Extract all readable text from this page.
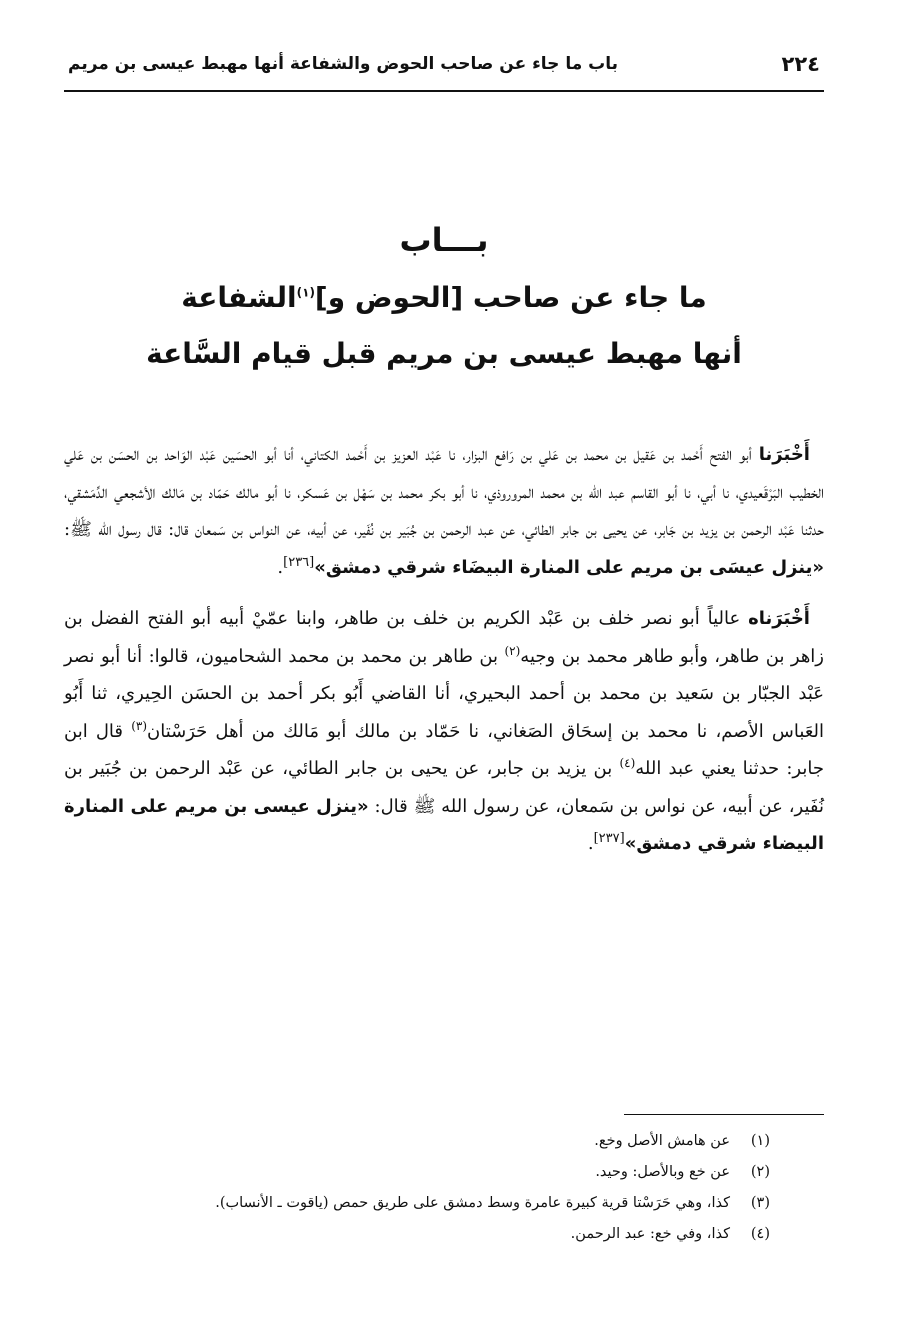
٢٢٤
باب ما جاء عن صاحب الحوض والشفاعة أنها مهبط عيسى بن مريم
بـــاب
ما جاء عن صاحب [الحوض و]$^{(١)}$الشفاعة
أنها مهبط عيسى بن مريم قبل قيام السَّاعة

أَخْبَرَنا أبو الفتح أَحْمد بن عَقيل بن محمد بن عَلي بن رَافع البزار، نا عَبْد العزيز بن أَحْمد الكتاني، أنا أبو الحسَين عَبْد الوَاحد بن الحسَن بن عَلي الخطيب البَرْقَعيدي، نا أبي، نا أبو القاسم عبد الله بن محمد المروروذي، نا أبو بكر محمد بن سَهْل بن عَسكر، نا أبو مالك حَمّاد بن مَالك الأشجعي الدِّمَشقي، حدثنا عَبْد الرحمن بن يزيد بن جَابر، عن يحيى بن جابر الطائي، عن عبد الرحمن بن جُبَير بن نُفَير، عن أبيه، عن النواس بن سَمعان قال: قال رسول الله ﷺ: «ينزل عيسَى بن مريم على المنارة البيضَاء شرقي دمشق»[٢٣٦].

أَخْبَرَناه عالياً أبو نصر خلف بن عَبْد الكريم بن خلف بن طاهر، وابنا عمّيْ أبيه أبو الفتح الفضل بن زاهر بن طاهر، وأبو طاهر محمد بن وجيه$^{(٢)}$ بن طاهر بن محمد بن محمد الشحاميون، قالوا: أنا أبو نصر عَبْد الجبّار بن سَعيد بن محمد بن أحمد البحيري، أنا القاضي أَبُو بكر أحمد بن الحسَن الحِيري، ثنا أَبُو العَباس الأصم، نا محمد بن إسحَاق الصَغاني، نا حَمّاد بن مالك أبو مَالك من أهل حَرَسْتان$^{(٣)}$ قال ابن جابر: حدثنا يعني عبد الله$^{(٤)}$ بن يزيد بن جابر، عن يحيى بن جابر الطائي، عن عَبْد الرحمن بن جُبَير بن نُفَير، عن أبيه، عن نواس بن سَمعان، عن رسول الله ﷺ قال: «ينزل عيسى بن مريم على المنارة البيضاء شرقي دمشق»[٢٣٧].

(١)عن هامش الأصل وخع.
(٢)عن خع وبالأصل: وحيد.
(٣)كذا، وهي حَرَسْتا قرية كبيرة عامرة وسط دمشق على طريق حمص (ياقوت ـ الأنساب).
(٤)كذا، وفي خع: عبد الرحمن.
